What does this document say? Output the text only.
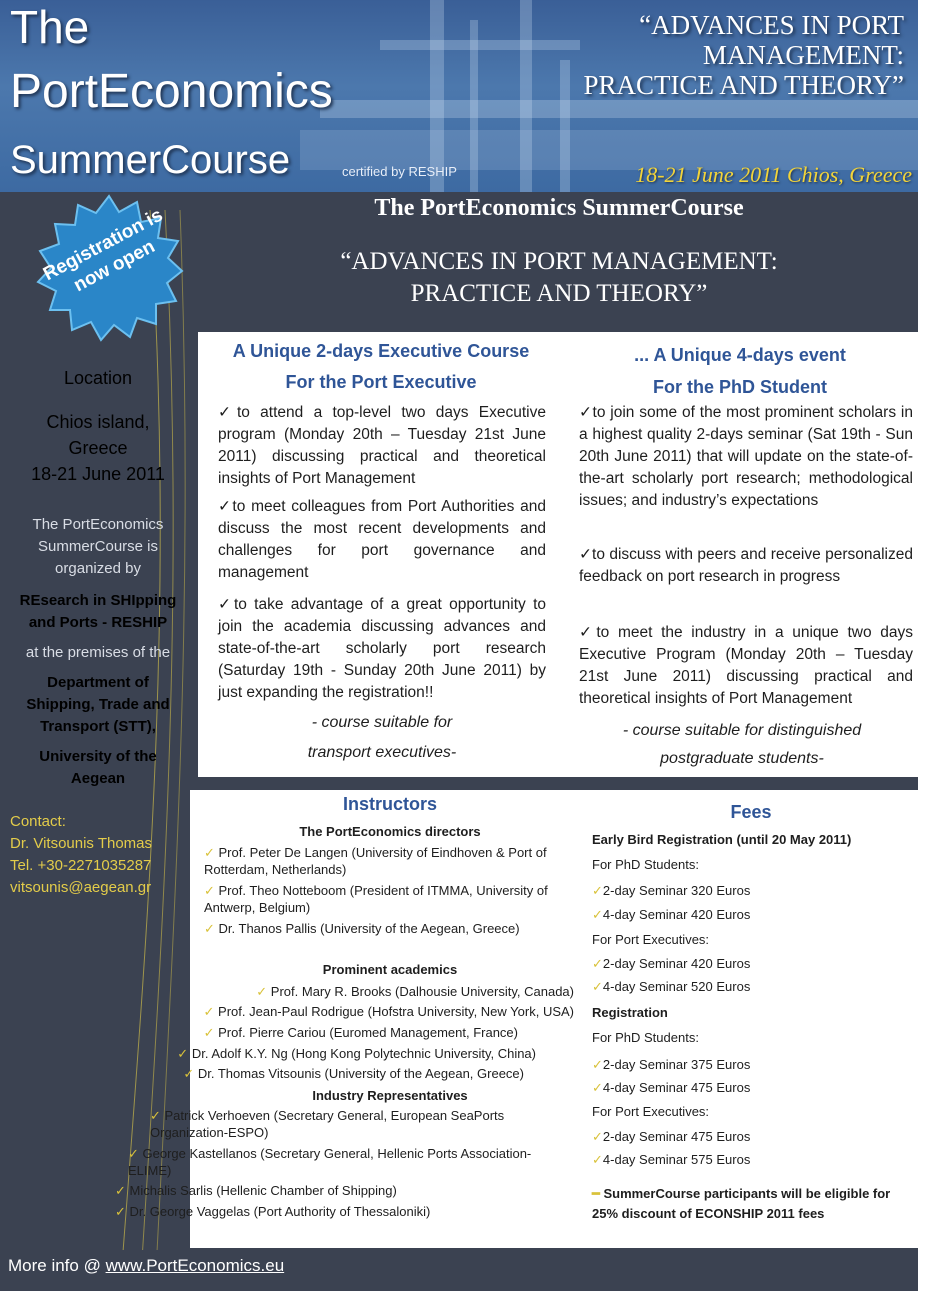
The
PortEconomics
SummerCourse	certified by RESHIP
“ADVANCES IN PORT MANAGEMENT: PRACTICE AND THEORY”
18-21 June 2011 Chios, Greece
The PortEconomics SummerCourse
“ADVANCES IN PORT MANAGEMENT:
PRACTICE AND THEORY”
Registration is now open
Location
Chios island,
Greece
18-21 June 2011
The PortEconomics
SummerCourse is
organized by
REsearch in SHIpping
and Ports - RESHIP
at the premises of the
Department of
Shipping, Trade and
Transport (STT),
University of the
Aegean
Contact:
Dr. Vitsounis Thomas
Tel. +30-2271035287
vitsounis@aegean.gr
A Unique 2-days Executive Course
For the Port Executive
✓to attend a top-level two days Executive program (Monday 20th – Tuesday 21st June 2011) discussing practical and theoretical insights of Port Management
✓to meet colleagues from Port Authorities and discuss the most recent developments and challenges for port governance and management
✓to take advantage of a great opportunity to join the academia discussing advances and state-of-the-art scholarly port research (Saturday 19th - Sunday 20th June 2011) by just expanding the registration!!
- course suitable for
transport executives-
... A Unique 4-days event
For the PhD Student
✓to join some of the most prominent scholars in a highest quality 2-days seminar (Sat 19th - Sun 20th June 2011) that will update on the state-of-the-art scholarly port research; methodological issues; and industry’s expectations
✓to discuss with peers and receive personalized feedback on port research in progress
✓to meet the industry in a unique two days Executive Program (Monday 20th – Tuesday 21st June 2011) discussing practical and theoretical insights of Port Management
- course suitable for distinguished
postgraduate students-
Instructors
The PortEconomics directors
✓ Prof. Peter De Langen (University of Eindhoven & Port of Rotterdam, Netherlands)
✓ Prof. Theo Notteboom (President of ITMMA, University of Antwerp, Belgium)
✓ Dr. Thanos Pallis (University of the Aegean, Greece)
Prominent academics
✓ Prof. Mary R. Brooks (Dalhousie University, Canada)
✓ Prof. Jean-Paul Rodrigue (Hofstra University, New York, USA)
✓ Prof. Pierre Cariou (Euromed Management, France)
✓ Dr. Adolf K.Y. Ng (Hong Kong Polytechnic University, China)
✓ Dr. Thomas Vitsounis (University of the Aegean, Greece)
Industry Representatives
Fees
Early Bird Registration (until 20 May 2011)
For PhD Students:
✓2-day Seminar 320 Euros
✓4-day Seminar 420 Euros
For Port Executives:
✓2-day Seminar 420 Euros
✓4-day Seminar 520 Euros
Registration
For PhD Students:
✓2-day Seminar 375 Euros
✓4-day Seminar 475 Euros
For Port Executives:
✓2-day Seminar 475 Euros
✓4-day Seminar 575 Euros
━ SummerCourse participants will be eligible for
25% discount of ECONSHIP 2011 fees
✓ Patrick Verhoeven (Secretary General, European SeaPorts Organization-ESPO)
✓ George Kastellanos (Secretary General, Hellenic Ports Association-ELIME)
✓ Michalis Sarlis (Hellenic Chamber of Shipping)
✓ Dr. George Vaggelas (Port Authority of Thessaloniki)
More info @ www.PortEconomics.eu
